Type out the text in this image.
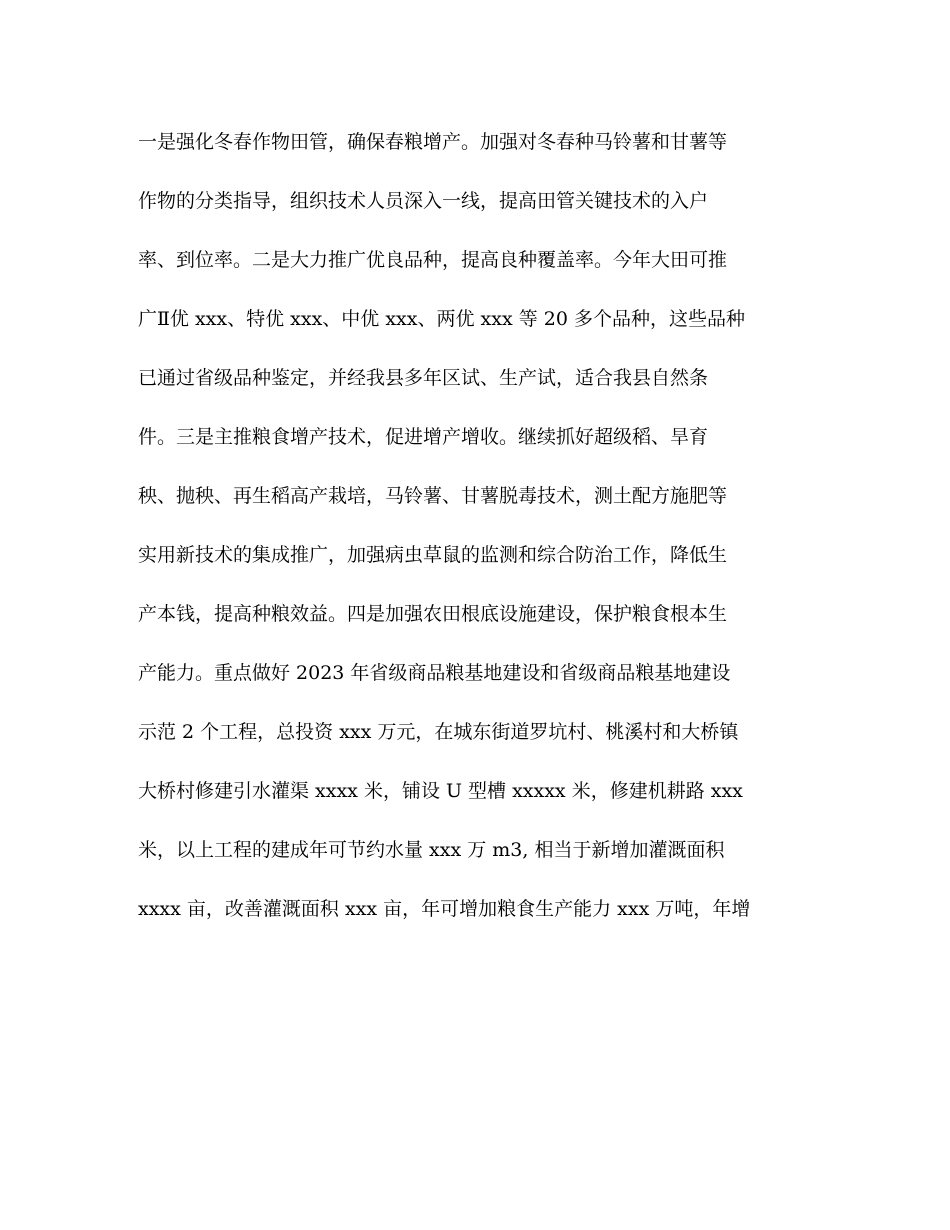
一是强化冬春作物田管，确保春粮增产。加强对冬春种马铃薯和甘薯等
作物的分类指导，组织技术人员深入一线，提高田管关键技术的入户
率、到位率。二是大力推广优良品种，提高良种覆盖率。今年大田可推
广Ⅱ优 xxx、特优 xxx、中优 xxx、两优 xxx 等 20 多个品种，这些品种
已通过省级品种鉴定，并经我县多年区试、生产试，适合我县自然条
件。三是主推粮食增产技术，促进增产增收。继续抓好超级稻、旱育
秧、抛秧、再生稻高产栽培，马铃薯、甘薯脱毒技术，测土配方施肥等
实用新技术的集成推广，加强病虫草鼠的监测和综合防治工作，降低生
产本钱，提高种粮效益。四是加强农田根底设施建设，保护粮食根本生
产能力。重点做好 2023 年省级商品粮基地建设和省级商品粮基地建设
示范 2 个工程，总投资 xxx 万元，在城东街道罗坑村、桃溪村和大桥镇
大桥村修建引水灌渠 xxxx 米，铺设 U 型槽 xxxxx 米，修建机耕路 xxx
米，以上工程的建成年可节约水量 xxx 万 m3, 相当于新增加灌溉面积
xxxx 亩，改善灌溉面积 xxx 亩，年可增加粮食生产能力 xxx 万吨，年增
